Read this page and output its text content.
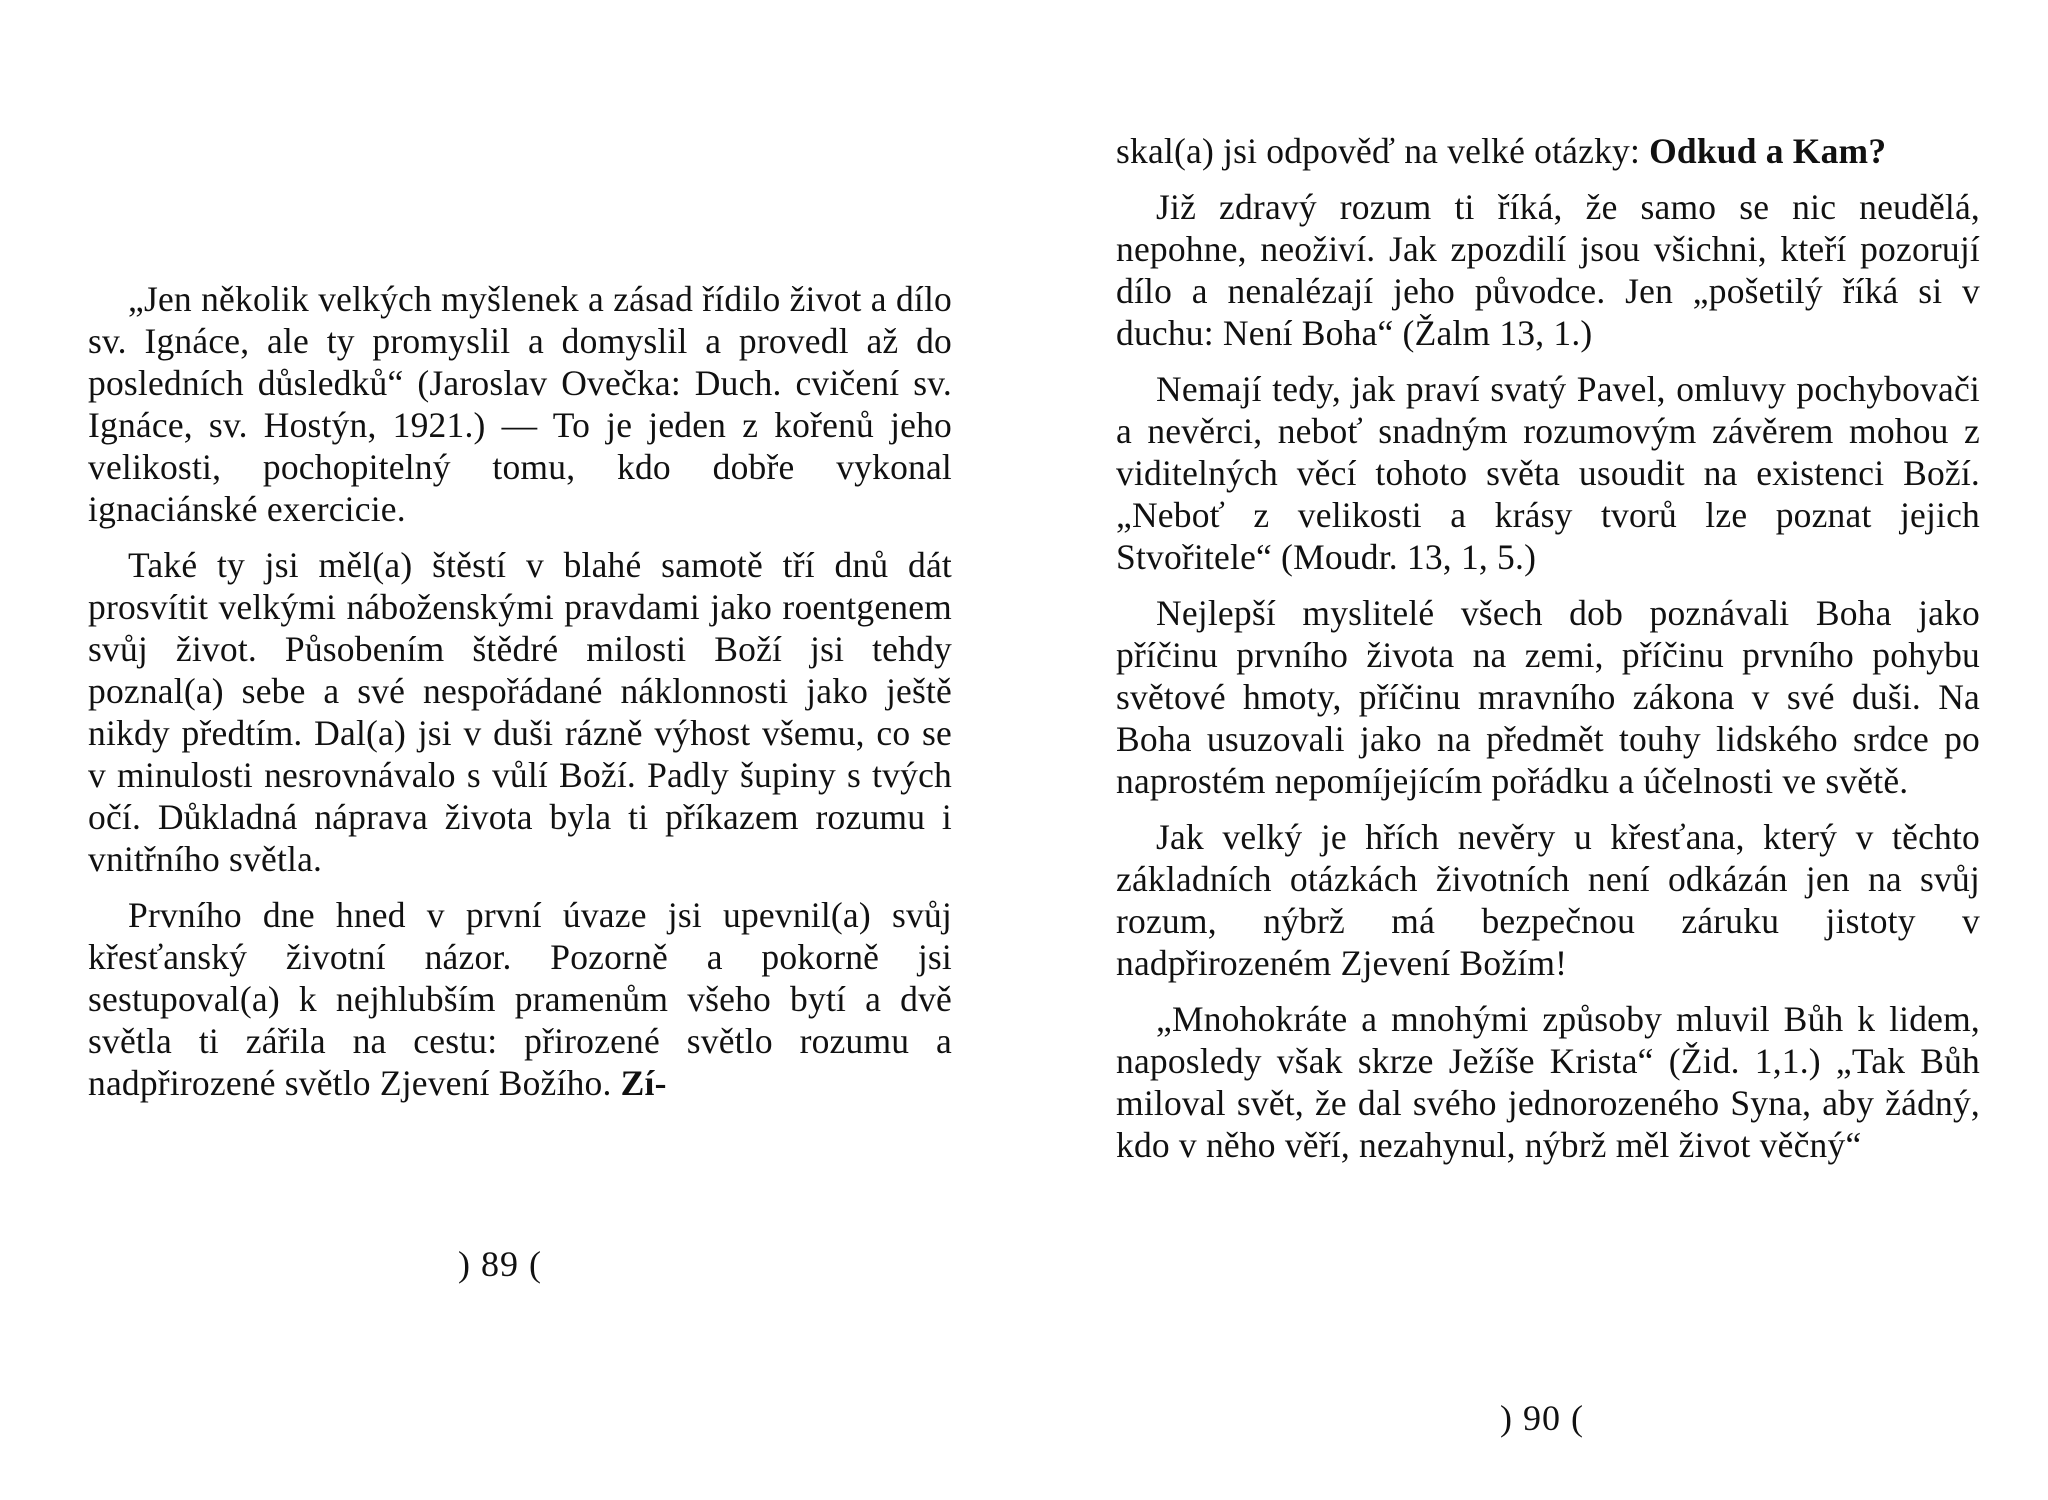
„Jen několik velkých myšlenek a zásad řídilo život a dílo sv. Ignáce, ale ty promyslil a domyslil a provedl až do posledních důsledků“ (Jaroslav Ovečka: Duch. cvičení sv. Ignáce, sv. Hostýn, 1921.) — To je jeden z kořenů jeho velikosti, pochopitelný tomu, kdo dobře vykonal ignaciánské exercicie.

Také ty jsi měl(a) štěstí v blahé samotě tří dnů dát prosvítit velkými náboženskými pravdami jako roentgenem svůj život. Působením štědré milosti Boží jsi tehdy poznal(a) sebe a své nespořádané náklonnosti jako ještě nikdy předtím. Dal(a) jsi v duši rázně výhost všemu, co se v minulosti nesrovnávalo s vůlí Boží. Padly šupiny s tvých očí. Důkladná náprava života byla ti příkazem rozumu i vnitřního světla.

Prvního dne hned v první úvaze jsi upevnil(a) svůj křesťanský životní názor. Pozorně a pokorně jsi sestupoval(a) k nejhlubším pramenům všeho bytí a dvě světla ti zářila na cestu: přirozené světlo rozumu a nadpřirozené světlo Zjevení Božího. Zí-

) 89 (

skal(a) jsi odpověď na velké otázky: Odkud a Kam?

Již zdravý rozum ti říká, že samo se nic neudělá, nepohne, neoživí. Jak zpozdilí jsou všichni, kteří pozorují dílo a nenalézají jeho původce. Jen „pošetilý říká si v duchu: Není Boha“ (Žalm 13, 1.)

Nemají tedy, jak praví svatý Pavel, omluvy pochybovači a nevěrci, neboť snadným rozumovým závěrem mohou z viditelných věcí tohoto světa usoudit na existenci Boží. „Neboť z velikosti a krásy tvorů lze poznat jejich Stvořitele“ (Moudr. 13, 1, 5.)

Nejlepší myslitelé všech dob poznávali Boha jako příčinu prvního života na zemi, příčinu prvního pohybu světové hmoty, příčinu mravního zákona v své duši. Na Boha usuzovali jako na předmět touhy lidského srdce po naprostém nepomíjejícím pořádku a účelnosti ve světě.

Jak velký je hřích nevěry u křesťana, který v těchto základních otázkách životních není odkázán jen na svůj rozum, nýbrž má bezpečnou záruku jistoty v nadpřirozeném Zjevení Božím!

„Mnohokráte a mnohými způsoby mluvil Bůh k lidem, naposledy však skrze Ježíše Krista“ (Žid. 1,1.) „Tak Bůh miloval svět, že dal svého jednorozeného Syna, aby žádný, kdo v něho věří, nezahynul, nýbrž měl život věčný“

) 90 (
